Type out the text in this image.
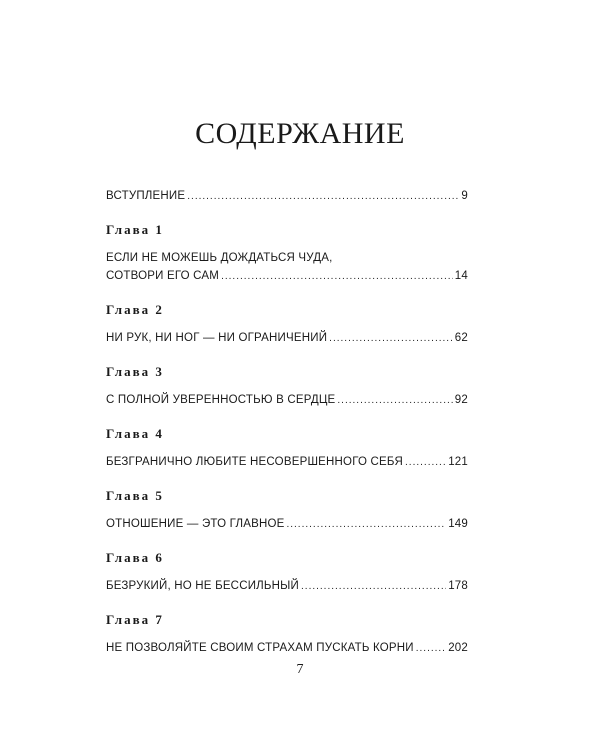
СОДЕРЖАНИЕ
ВСТУПЛЕНИЕ .....	9
Глава 1
ЕСЛИ НЕ МОЖЕШЬ ДОЖДАТЬСЯ ЧУДА,
СОТВОРИ ЕГО САМ .....	14
Глава 2
НИ РУК, НИ НОГ — НИ ОГРАНИЧЕНИЙ .....	62
Глава 3
С ПОЛНОЙ УВЕРЕННОСТЬЮ В СЕРДЦЕ .....	92
Глава 4
БЕЗГРАНИЧНО ЛЮБИТЕ НЕСОВЕРШЕННОГО СЕБЯ .....	121
Глава 5
ОТНОШЕНИЕ — ЭТО ГЛАВНОЕ .....	149
Глава 6
БЕЗРУКИЙ, НО НЕ БЕССИЛЬНЫЙ .....	178
Глава 7
НЕ ПОЗВОЛЯЙТЕ СВОИМ СТРАХАМ ПУСКАТЬ КОРНИ .....	202
7
